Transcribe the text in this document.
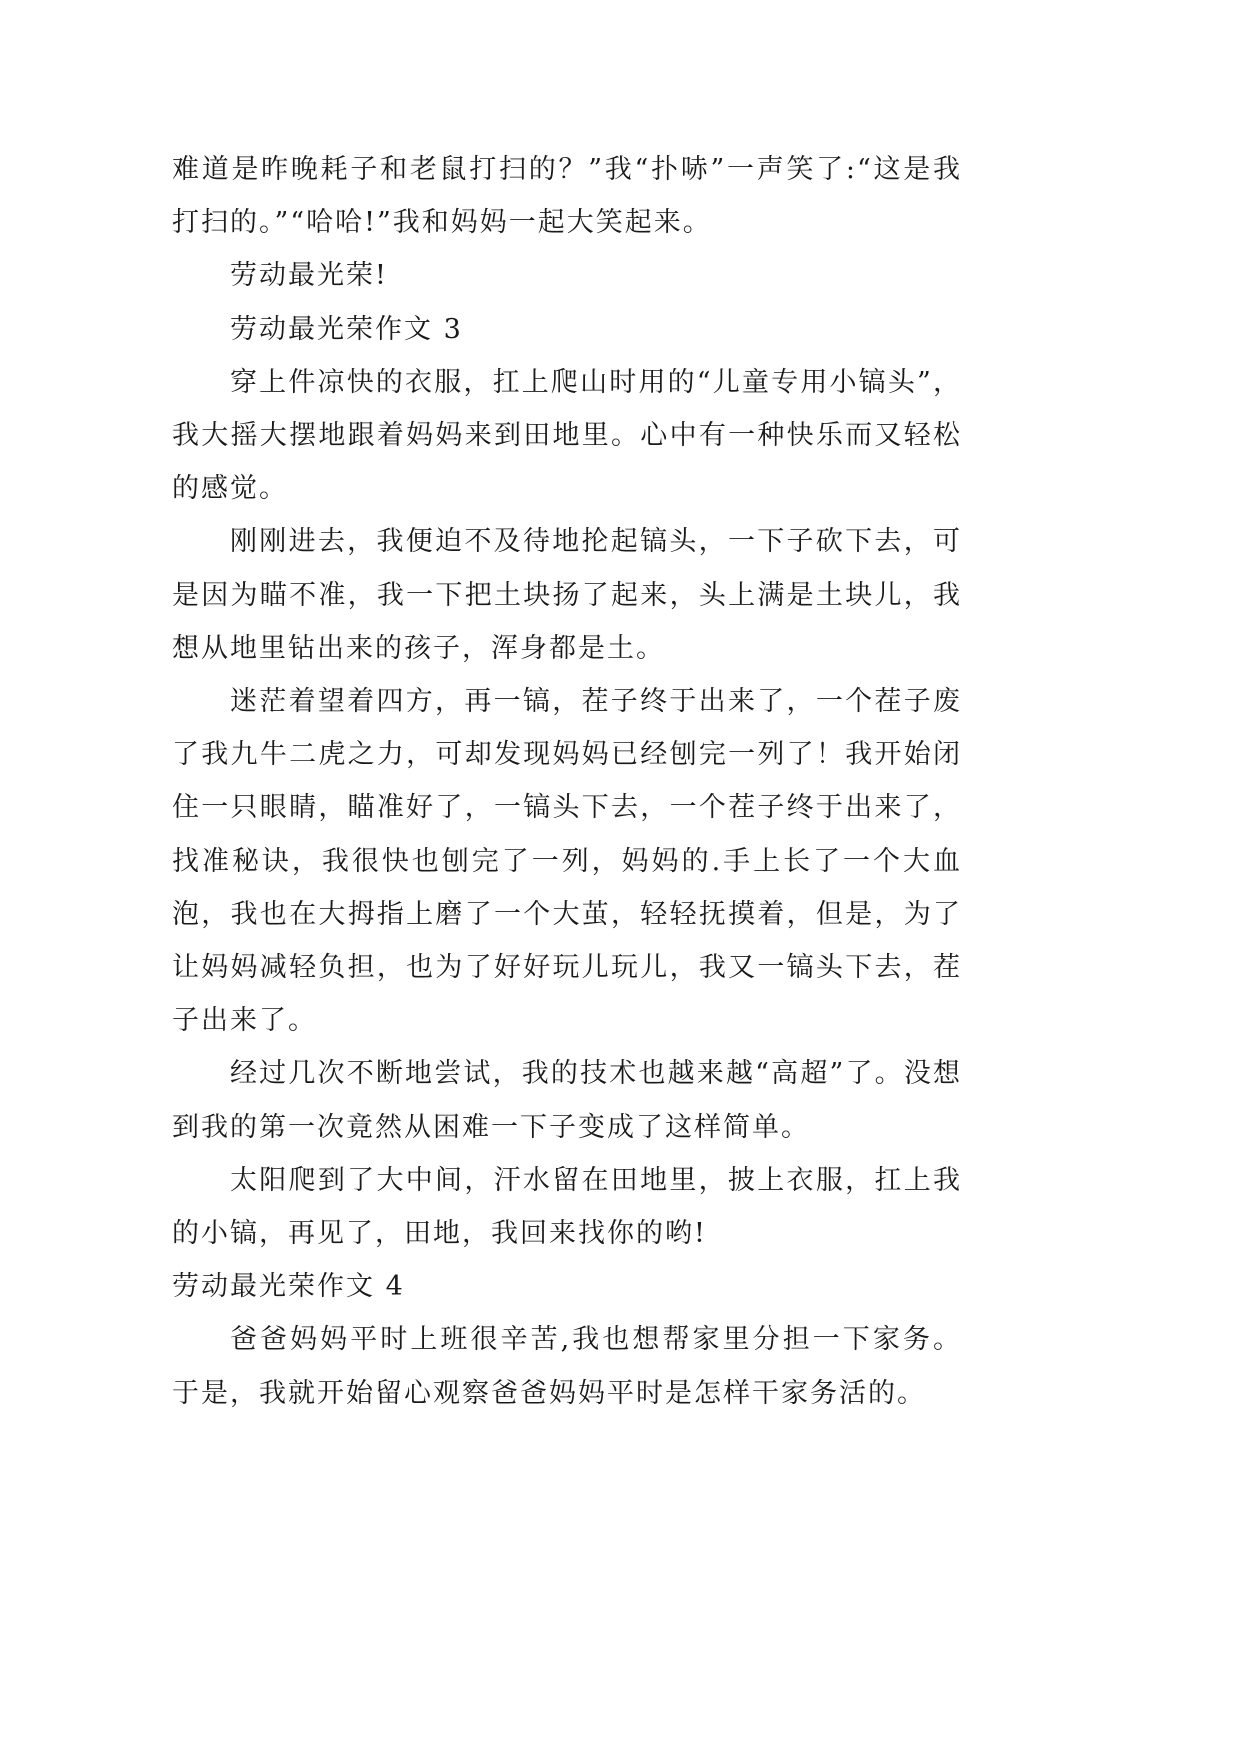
难道是昨晚耗子和老鼠打扫的？”我“扑哧”一声笑了:“这是我打扫的。”“哈哈!”我和妈妈一起大笑起来。

劳动最光荣!

劳动最光荣作文 3

穿上件凉快的衣服，扛上爬山时用的“儿童专用小镐头”，我大摇大摆地跟着妈妈来到田地里。心中有一种快乐而又轻松的感觉。

刚刚进去，我便迫不及待地抡起镐头，一下子砍下去，可是因为瞄不准，我一下把土块扬了起来，头上满是土块儿，我想从地里钻出来的孩子，浑身都是土。

迷茫着望着四方，再一镐，茬子终于出来了，一个茬子废了我九牛二虎之力，可却发现妈妈已经刨完一列了！我开始闭住一只眼睛，瞄准好了，一镐头下去，一个茬子终于出来了，找准秘诀，我很快也刨完了一列，妈妈的.手上长了一个大血泡，我也在大拇指上磨了一个大茧，轻轻抚摸着，但是，为了让妈妈减轻负担，也为了好好玩儿玩儿，我又一镐头下去，茬子出来了。

经过几次不断地尝试，我的技术也越来越“高超”了。没想到我的第一次竟然从困难一下子变成了这样简单。

太阳爬到了大中间，汗水留在田地里，披上衣服，扛上我的小镐，再见了，田地，我回来找你的哟!

劳动最光荣作文 4

爸爸妈妈平时上班很辛苦,我也想帮家里分担一下家务。于是，我就开始留心观察爸爸妈妈平时是怎样干家务活的。
